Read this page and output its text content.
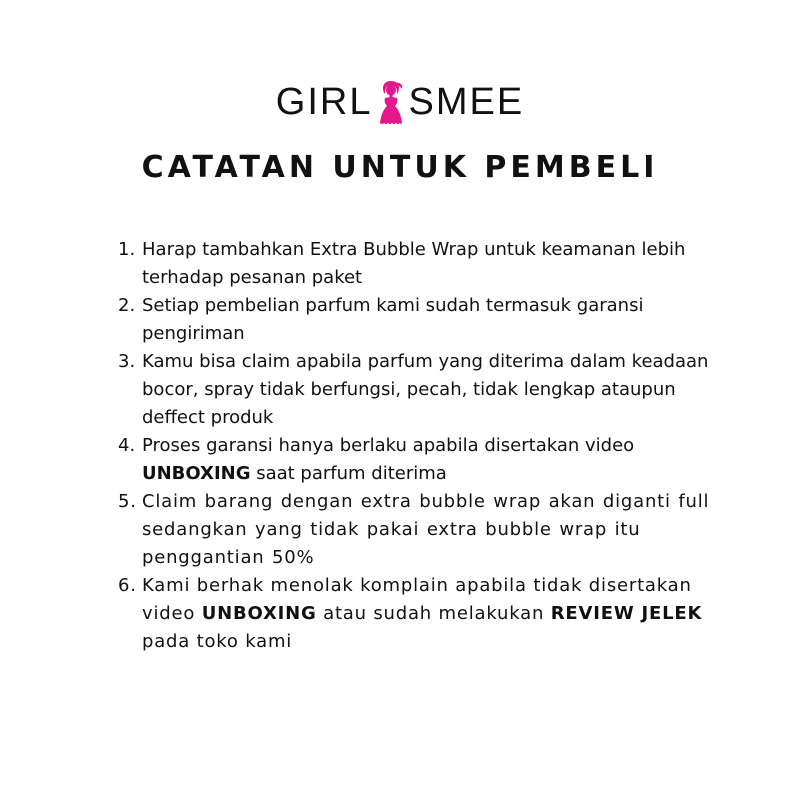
GIRL SMEE
CATATAN UNTUK PEMBELI
1. Harap tambahkan Extra Bubble Wrap untuk keamanan lebih terhadap pesanan paket
2. Setiap pembelian parfum kami sudah termasuk garansi pengiriman
3. Kamu bisa claim apabila parfum yang diterima dalam keadaan bocor, spray tidak berfungsi, pecah, tidak lengkap ataupun deffect produk
4. Proses garansi hanya berlaku apabila disertakan video UNBOXING saat parfum diterima
5. Claim barang dengan extra bubble wrap akan diganti full sedangkan yang tidak pakai extra bubble wrap itu penggantian 50%
6. Kami berhak menolak komplain apabila tidak disertakan video UNBOXING atau sudah melakukan REVIEW JELEK pada toko kami
